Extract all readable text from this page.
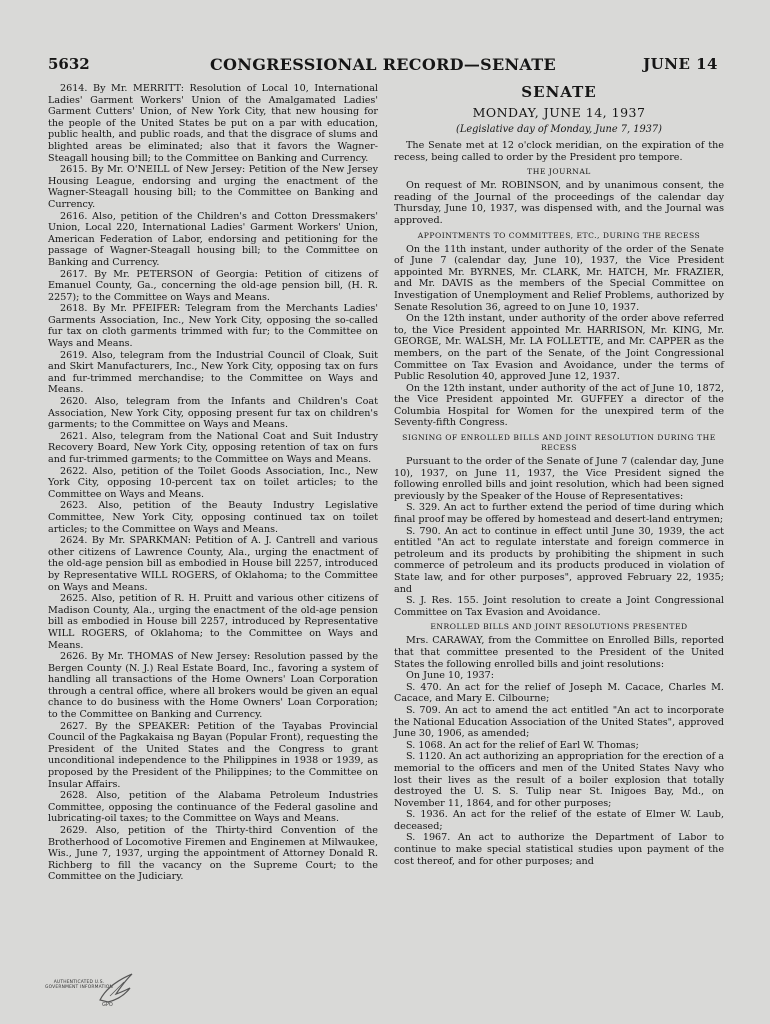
5632	CONGRESSIONAL RECORD—SENATE	JUNE 14

2614. By Mr. MERRITT: Resolution of Local 10, International Ladies' Garment Workers' Union of the Amalgamated Ladies' Garment Cutters' Union, of New York City, that new housing for the people of the United States be put on a par with education, public health, and public roads, and that the disgrace of slums and blighted areas be eliminated; also that it favors the Wagner-Steagall housing bill; to the Committee on Banking and Currency.

2615. By Mr. O'NEILL of New Jersey: Petition of the New Jersey Housing League, endorsing and urging the enactment of the Wagner-Steagall housing bill; to the Committee on Banking and Currency.

2616. Also, petition of the Children's and Cotton Dressmakers' Union, Local 220, International Ladies' Garment Workers' Union, American Federation of Labor, endorsing and petitioning for the passage of Wagner-Steagall housing bill; to the Committee on Banking and Currency.

2617. By Mr. PETERSON of Georgia: Petition of citizens of Emanuel County, Ga., concerning the old-age pension bill, (H. R. 2257); to the Committee on Ways and Means.

2618. By Mr. PFEIFER: Telegram from the Merchants Ladies' Garments Association, Inc., New York City, opposing the so-called fur tax on cloth garments trimmed with fur; to the Committee on Ways and Means.

2619. Also, telegram from the Industrial Council of Cloak, Suit and Skirt Manufacturers, Inc., New York City, opposing tax on furs and fur-trimmed merchandise; to the Committee on Ways and Means.

2620. Also, telegram from the Infants and Children's Coat Association, New York City, opposing present fur tax on children's garments; to the Committee on Ways and Means.

2621. Also, telegram from the National Coat and Suit Industry Recovery Board, New York City, opposing retention of tax on furs and fur-trimmed garments; to the Committee on Ways and Means.

2622. Also, petition of the Toilet Goods Association, Inc., New York City, opposing 10-percent tax on toilet articles; to the Committee on Ways and Means.

2623. Also, petition of the Beauty Industry Legislative Committee, New York City, opposing continued tax on toilet articles; to the Committee on Ways and Means.

2624. By Mr. SPARKMAN: Petition of A. J. Cantrell and various other citizens of Lawrence County, Ala., urging the enactment of the old-age pension bill as embodied in House bill 2257, introduced by Representative WILL ROGERS, of Oklahoma; to the Committee on Ways and Means.

2625. Also, petition of R. H. Pruitt and various other citizens of Madison County, Ala., urging the enactment of the old-age pension bill as embodied in House bill 2257, introduced by Representative WILL ROGERS, of Oklahoma; to the Committee on Ways and Means.

2626. By Mr. THOMAS of New Jersey: Resolution passed by the Bergen County (N. J.) Real Estate Board, Inc., favoring a system of handling all transactions of the Home Owners' Loan Corporation through a central office, where all brokers would be given an equal chance to do business with the Home Owners' Loan Corporation; to the Committee on Banking and Currency.

2627. By the SPEAKER: Petition of the Tayabas Provincial Council of the Pagkakaisa ng Bayan (Popular Front), requesting the President of the United States and the Congress to grant unconditional independence to the Philippines in 1938 or 1939, as proposed by the President of the Philippines; to the Committee on Insular Affairs.

2628. Also, petition of the Alabama Petroleum Industries Committee, opposing the continuance of the Federal gasoline and lubricating-oil taxes; to the Committee on Ways and Means.

2629. Also, petition of the Thirty-third Convention of the Brotherhood of Locomotive Firemen and Enginemen at Milwaukee, Wis., June 7, 1937, urging the appointment of Attorney Donald R. Richberg to fill the vacancy on the Supreme Court; to the Committee on the Judiciary.

SENATE
MONDAY, JUNE 14, 1937
(Legislative day of Monday, June 7, 1937)

The Senate met at 12 o'clock meridian, on the expiration of the recess, being called to order by the President pro tempore.

THE JOURNAL

On request of Mr. ROBINSON, and by unanimous consent, the reading of the Journal of the proceedings of the calendar day Thursday, June 10, 1937, was dispensed with, and the Journal was approved.

APPOINTMENTS TO COMMITTEES, ETC., DURING THE RECESS

On the 11th instant, under authority of the order of the Senate of June 7 (calendar day, June 10), 1937, the Vice President appointed Mr. BYRNES, Mr. CLARK, Mr. HATCH, Mr. FRAZIER, and Mr. DAVIS as the members of the Special Committee on Investigation of Unemployment and Relief Problems, authorized by Senate Resolution 36, agreed to on June 10, 1937.

On the 12th instant, under authority of the order above referred to, the Vice President appointed Mr. HARRISON, Mr. KING, Mr. GEORGE, Mr. WALSH, Mr. LA FOLLETTE, and Mr. CAPPER as the members, on the part of the Senate, of the Joint Congressional Committee on Tax Evasion and Avoidance, under the terms of Public Resolution 40, approved June 12, 1937.

On the 12th instant, under authority of the act of June 10, 1872, the Vice President appointed Mr. GUFFEY a director of the Columbia Hospital for Women for the unexpired term of the Seventy-fifth Congress.

SIGNING OF ENROLLED BILLS AND JOINT RESOLUTION DURING THE RECESS

Pursuant to the order of the Senate of June 7 (calendar day, June 10), 1937, on June 11, 1937, the Vice President signed the following enrolled bills and joint resolution, which had been signed previously by the Speaker of the House of Representatives:

S. 329. An act to further extend the period of time during which final proof may be offered by homestead and desert-land entrymen;

S. 790. An act to continue in effect until June 30, 1939, the act entitled "An act to regulate interstate and foreign commerce in petroleum and its products by prohibiting the shipment in such commerce of petroleum and its products produced in violation of State law, and for other purposes", approved February 22, 1935; and

S. J. Res. 155. Joint resolution to create a Joint Congressional Committee on Tax Evasion and Avoidance.

ENROLLED BILLS AND JOINT RESOLUTIONS PRESENTED

Mrs. CARAWAY, from the Committee on Enrolled Bills, reported that that committee presented to the President of the United States the following enrolled bills and joint resolutions:

On June 10, 1937:

S. 470. An act for the relief of Joseph M. Cacace, Charles M. Cacace, and Mary E. Cilbourne;

S. 709. An act to amend the act entitled "An act to incorporate the National Education Association of the United States", approved June 30, 1906, as amended;

S. 1068. An act for the relief of Earl W. Thomas;

S. 1120. An act authorizing an appropriation for the erection of a memorial to the officers and men of the United States Navy who lost their lives as the result of a boiler explosion that totally destroyed the U. S. S. Tulip near St. Inigoes Bay, Md., on November 11, 1864, and for other purposes;

S. 1936. An act for the relief of the estate of Elmer W. Laub, deceased;

S. 1967. An act to authorize the Department of Labor to continue to make special statistical studies upon payment of the cost thereof, and for other purposes; and

AUTHENTICATED U.S. GOVERNMENT INFORMATION
GPO
